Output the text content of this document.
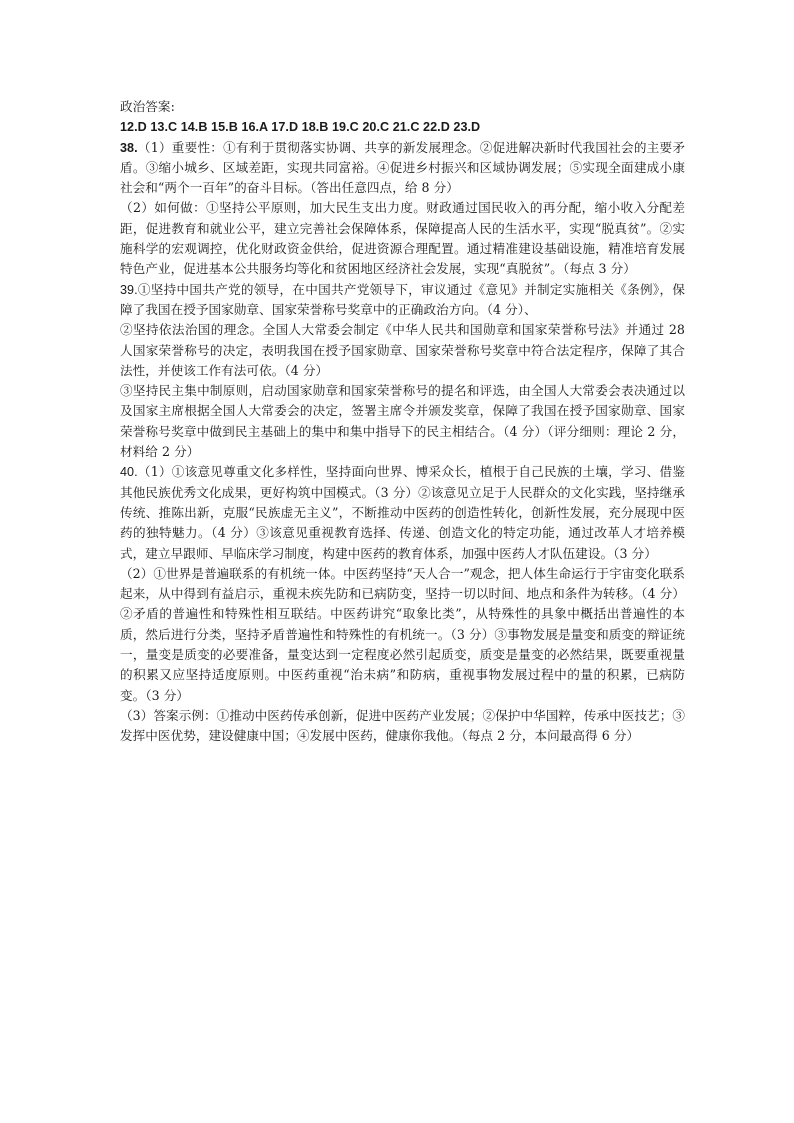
政治答案:

12.D 13.C 14.B 15.B 16.A 17.D 18.B 19.C 20.C 21.C 22.D 23.D

38.（1）重要性：①有利于贯彻落实协调、共享的新发展理念。②促进解决新时代我国社会的主要矛盾。③缩小城乡、区域差距，实现共同富裕。④促进乡村振兴和区域协调发展；⑤实现全面建成小康社会和“两个一百年”的奋斗目标。（答出任意四点，给 8 分）

（2）如何做：①坚持公平原则，加大民生支出力度。财政通过国民收入的再分配，缩小收入分配差距，促进教育和就业公平，建立完善社会保障体系，保障提高人民的生活水平，实现“脱真贫”。②实施科学的宏观调控，优化财政资金供给，促进资源合理配置。通过精准建设基础设施，精准培育发展特色产业，促进基本公共服务均等化和贫困地区经济社会发展，实现“真脱贫”。（每点 3 分）

39.①坚持中国共产党的领导，在中国共产党领导下，审议通过《意见》并制定实施相关《条例》，保障了我国在授予国家勋章、国家荣誉称号奖章中的正确政治方向。（4 分）、

②坚持依法治国的理念。全国人大常委会制定《中华人民共和国勋章和国家荣誉称号法》并通过 28 人国家荣誉称号的决定，表明我国在授予国家勋章、国家荣誉称号奖章中符合法定程序，保障了其合法性，并使该工作有法可依。（4 分）

③坚持民主集中制原则，启动国家勋章和国家荣誉称号的提名和评选，由全国人大常委会表决通过以及国家主席根据全国人大常委会的决定，签署主席令并颁发奖章，保障了我国在授予国家勋章、国家荣誉称号奖章中做到民主基础上的集中和集中指导下的民主相结合。（4 分）（评分细则：理论 2 分，材料给 2 分）

40.（1）①该意见尊重文化多样性，坚持面向世界、博采众长，植根于自己民族的土壤，学习、借鉴其他民族优秀文化成果，更好构筑中国模式。（3 分）②该意见立足于人民群众的文化实践，坚持继承传统、推陈出新，克服“民族虚无主义”，不断推动中医药的创造性转化，创新性发展，充分展现中医药的独特魅力。（4 分）③该意见重视教育选择、传递、创造文化的特定功能，通过改革人才培养模式，建立早跟师、早临床学习制度，构建中医药的教育体系，加强中医药人才队伍建设。（3 分）

（2）①世界是普遍联系的有机统一体。中医药坚持“天人合一”观念，把人体生命运行于宇宙变化联系起来，从中得到有益启示，重视未疾先防和已病防变，坚持一切以时间、地点和条件为转移。（4 分）②矛盾的普遍性和特殊性相互联结。中医药讲究“取象比类”，从特殊性的具象中概括出普遍性的本质，然后进行分类，坚持矛盾普遍性和特殊性的有机统一。（3 分）③事物发展是量变和质变的辩证统一，量变是质变的必要准备，量变达到一定程度必然引起质变，质变是量变的必然结果，既要重视量的积累又应坚持适度原则。中医药重视“治未病”和防病，重视事物发展过程中的量的积累，已病防变。（3 分）

（3）答案示例：①推动中医药传承创新，促进中医药产业发展；②保护中华国粹，传承中医技艺；③发挥中医优势，建设健康中国；④发展中医药，健康你我他。（每点 2 分，本问最高得 6 分）
